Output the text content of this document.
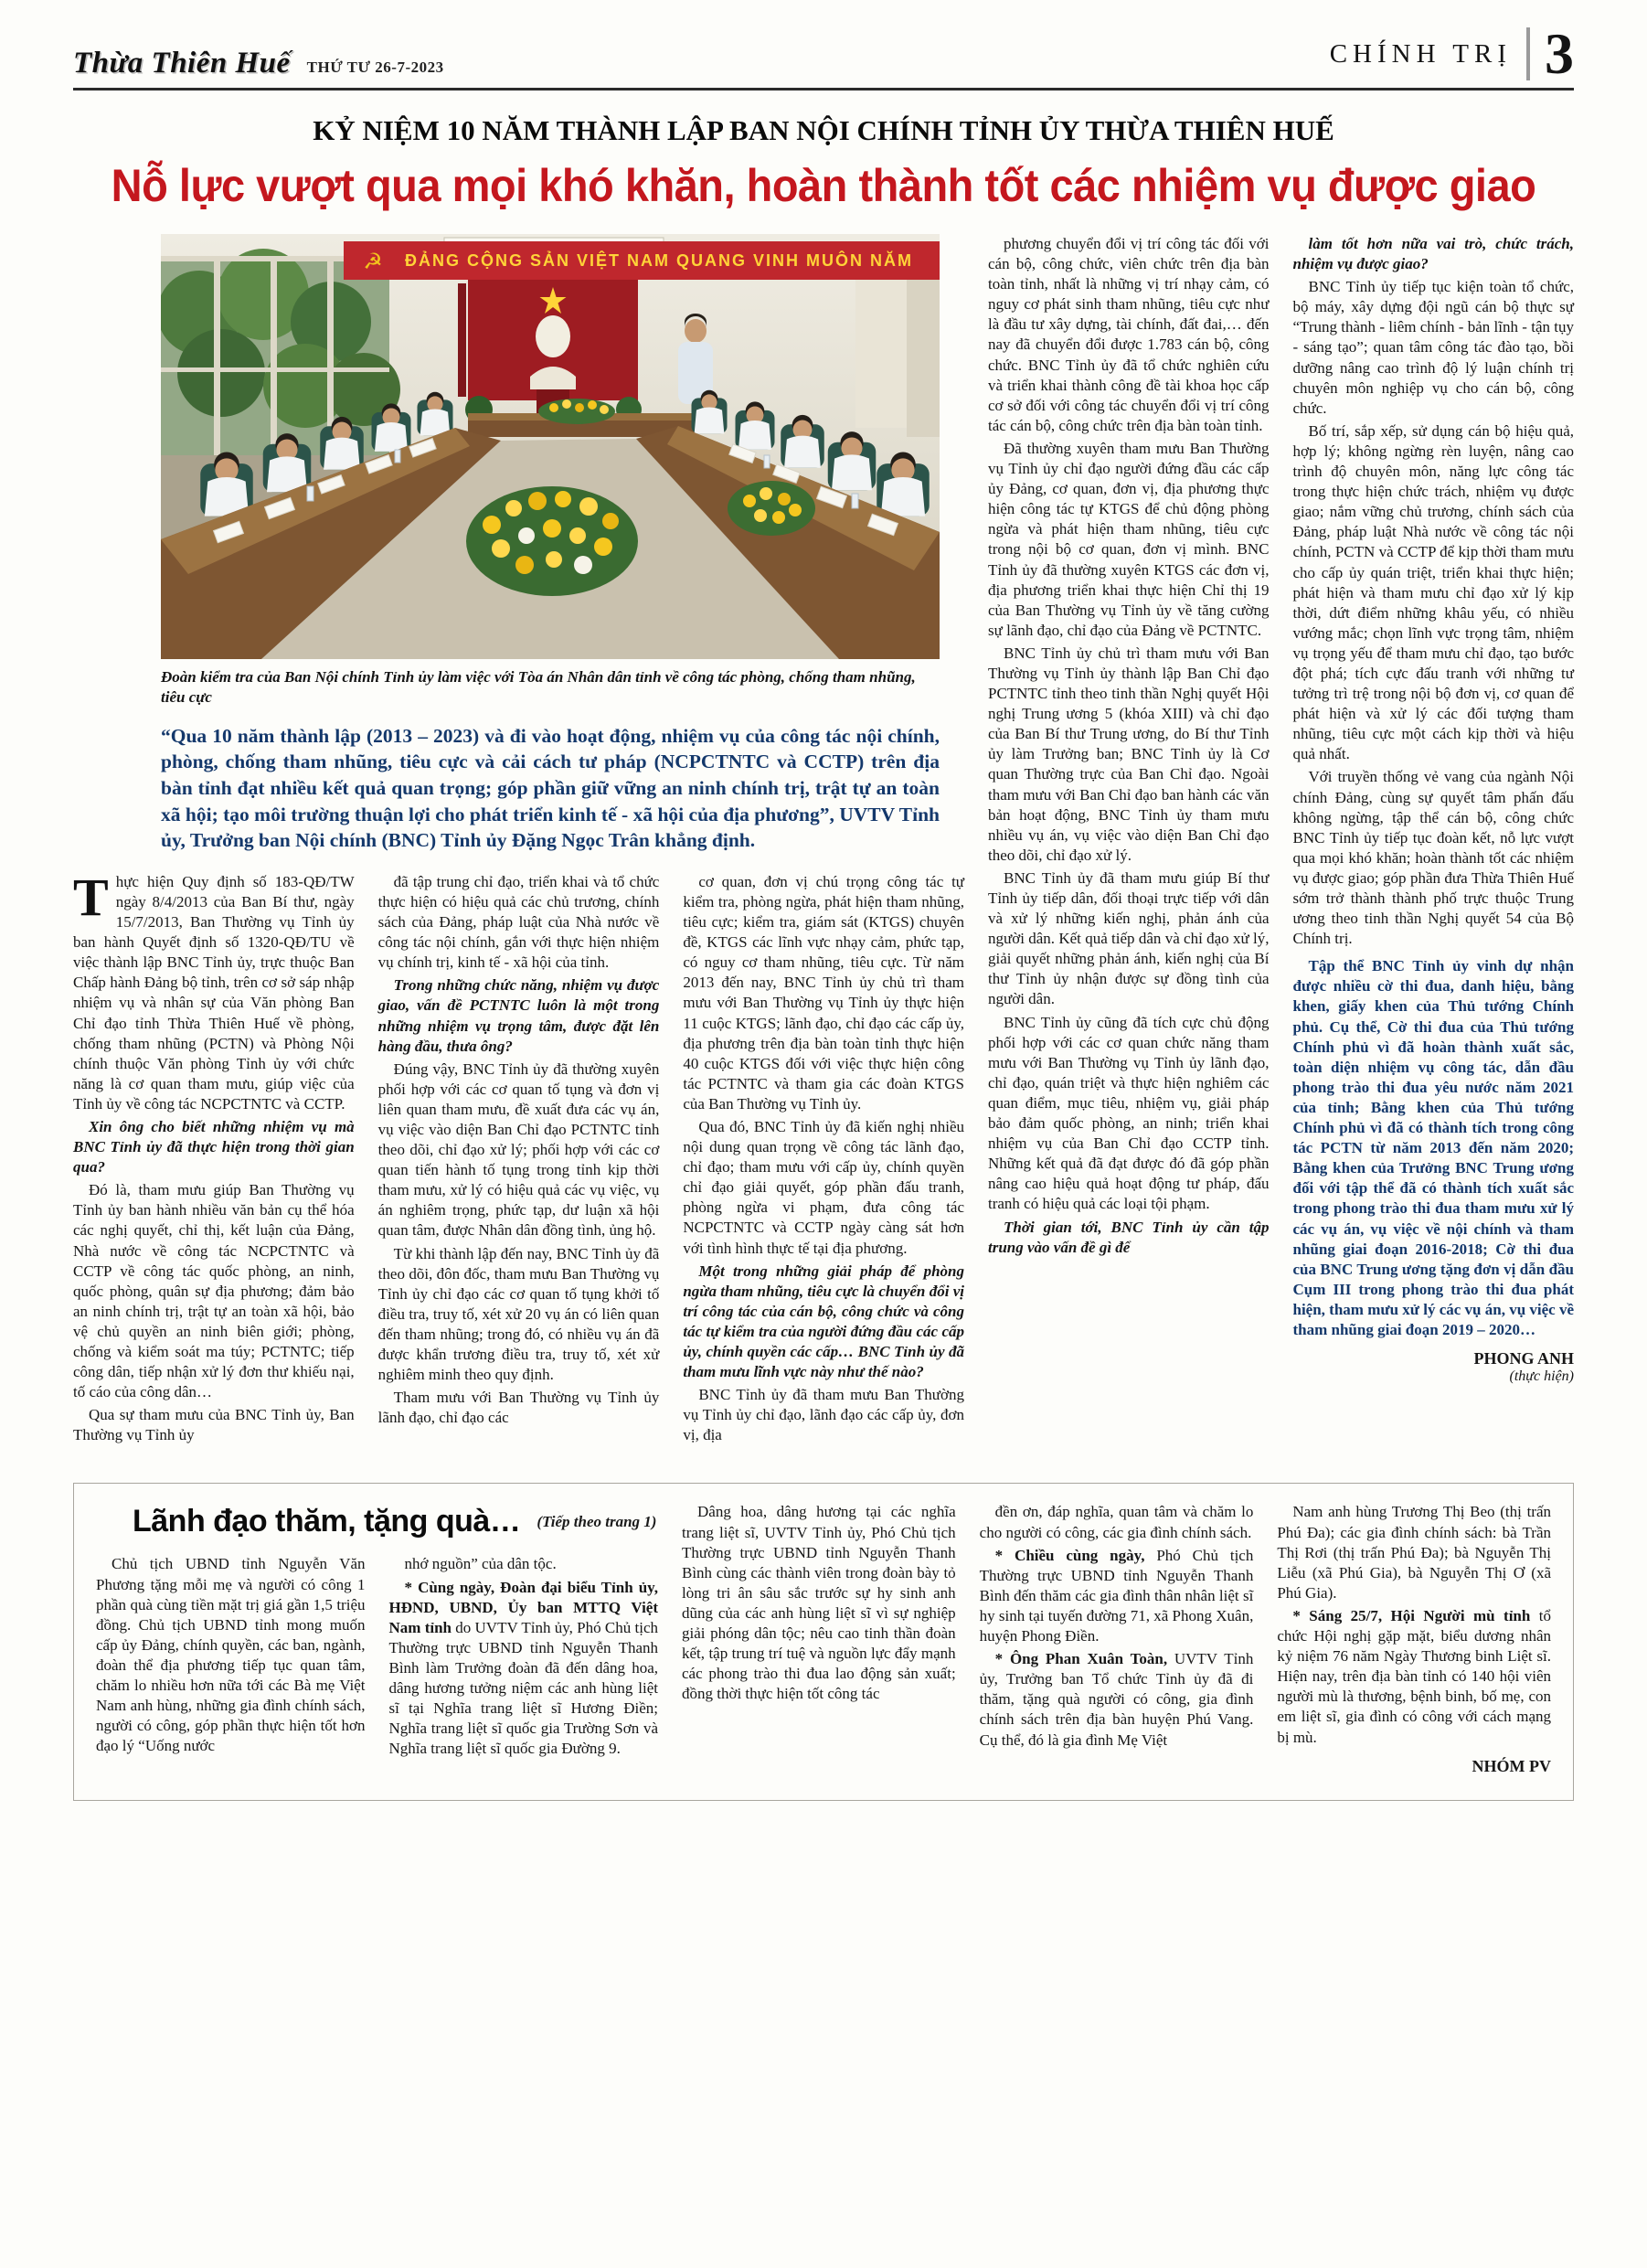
Thừa Thiên Huế THỨ TƯ 26-7-2023	CHÍNH TRỊ 3
KỶ NIỆM 10 NĂM THÀNH LẬP BAN NỘI CHÍNH TỈNH ỦY THỪA THIÊN HUẾ
Nỗ lực vượt qua mọi khó khăn, hoàn thành tốt các nhiệm vụ được giao
☭ ĐẢNG CỘNG SẢN VIỆT NAM QUANG VINH MUÔN NĂM

Đoàn kiểm tra của Ban Nội chính Tỉnh ủy làm việc với Tòa án Nhân dân tỉnh về công tác phòng, chống tham nhũng, tiêu cực

“Qua 10 năm thành lập (2013 – 2023) và đi vào hoạt động, nhiệm vụ của công tác nội chính, phòng, chống tham nhũng, tiêu cực và cải cách tư pháp (NCPCTNTC và CCTP) trên địa bàn tỉnh đạt nhiều kết quả quan trọng; góp phần giữ vững an ninh chính trị, trật tự an toàn xã hội; tạo môi trường thuận lợi cho phát triển kinh tế - xã hội của địa phương”, UVTV Tỉnh ủy, Trưởng ban Nội chính (BNC) Tỉnh ủy Đặng Ngọc Trân khẳng định.

Thực hiện Quy định số 183-QĐ/TW ngày 8/4/2013 của Ban Bí thư, ngày 15/7/2013, Ban Thường vụ Tỉnh ủy ban hành Quyết định số 1320-QĐ/TU về việc thành lập BNC Tỉnh ủy, trực thuộc Ban Chấp hành Đảng bộ tỉnh, trên cơ sở sáp nhập nhiệm vụ và nhân sự của Văn phòng Ban Chỉ đạo tỉnh Thừa Thiên Huế về phòng, chống tham nhũng (PCTN) và Phòng Nội chính thuộc Văn phòng Tỉnh ủy với chức năng là cơ quan tham mưu, giúp việc của Tỉnh ủy về công tác NCPCTNTC và CCTP.

Xin ông cho biết những nhiệm vụ mà BNC Tỉnh ủy đã thực hiện trong thời gian qua?

Đó là, tham mưu giúp Ban Thường vụ Tỉnh ủy ban hành nhiều văn bản cụ thể hóa các nghị quyết, chỉ thị, kết luận của Đảng, Nhà nước về công tác NCPCTNTC và CCTP về công tác quốc phòng, an ninh, quốc phòng, quân sự địa phương; đảm bảo an ninh chính trị, trật tự an toàn xã hội, bảo vệ chủ quyền an ninh biên giới; phòng, chống và kiểm soát ma túy; PCTNTC; tiếp công dân, tiếp nhận xử lý đơn thư khiếu nại, tố cáo của công dân…

Qua sự tham mưu của BNC Tỉnh ủy, Ban Thường vụ Tỉnh ủy

đã tập trung chỉ đạo, triển khai và tổ chức thực hiện có hiệu quả các chủ trương, chính sách của Đảng, pháp luật của Nhà nước về công tác nội chính, gắn với thực hiện nhiệm vụ chính trị, kinh tế - xã hội của tỉnh.

Trong những chức năng, nhiệm vụ được giao, vấn đề PCTNTC luôn là một trong những nhiệm vụ trọng tâm, được đặt lên hàng đầu, thưa ông?

Đúng vậy, BNC Tỉnh ủy đã thường xuyên phối hợp với các cơ quan tố tụng và đơn vị liên quan tham mưu, đề xuất đưa các vụ án, vụ việc vào diện Ban Chỉ đạo PCTNTC tỉnh theo dõi, chỉ đạo xử lý; phối hợp với các cơ quan tiến hành tố tụng trong tỉnh kịp thời tham mưu, xử lý có hiệu quả các vụ việc, vụ án nghiêm trọng, phức tạp, dư luận xã hội quan tâm, được Nhân dân đồng tình, ủng hộ.

Từ khi thành lập đến nay, BNC Tỉnh ủy đã theo dõi, đôn đốc, tham mưu Ban Thường vụ Tỉnh ủy chỉ đạo các cơ quan tố tụng khởi tố điều tra, truy tố, xét xử 20 vụ án có liên quan đến tham nhũng; trong đó, có nhiều vụ án đã được khẩn trương điều tra, truy tố, xét xử nghiêm minh theo quy định.

Tham mưu với Ban Thường vụ Tỉnh ủy lãnh đạo, chỉ đạo các

cơ quan, đơn vị chú trọng công tác tự kiểm tra, phòng ngừa, phát hiện tham nhũng, tiêu cực; kiểm tra, giám sát (KTGS) chuyên đề, KTGS các lĩnh vực nhạy cảm, phức tạp, có nguy cơ tham nhũng, tiêu cực. Từ năm 2013 đến nay, BNC Tỉnh ủy chủ trì tham mưu với Ban Thường vụ Tỉnh ủy thực hiện 11 cuộc KTGS; lãnh đạo, chỉ đạo các cấp ủy, địa phương trên địa bàn toàn tỉnh thực hiện 40 cuộc KTGS đối với việc thực hiện công tác PCTNTC và tham gia các đoàn KTGS của Ban Thường vụ Tỉnh ủy.

Qua đó, BNC Tỉnh ủy đã kiến nghị nhiều nội dung quan trọng về công tác lãnh đạo, chỉ đạo; tham mưu với cấp ủy, chính quyền chỉ đạo giải quyết, góp phần đấu tranh, phòng ngừa vi phạm, đưa công tác NCPCTNTC và CCTP ngày càng sát hơn với tình hình thực tế tại địa phương.

Một trong những giải pháp để phòng ngừa tham nhũng, tiêu cực là chuyển đổi vị trí công tác của cán bộ, công chức và công tác tự kiểm tra của người đứng đầu các cấp ủy, chính quyền các cấp… BNC Tỉnh ủy đã tham mưu lĩnh vực này như thế nào?

BNC Tỉnh ủy đã tham mưu Ban Thường vụ Tỉnh ủy chỉ đạo, lãnh đạo các cấp ủy, đơn vị, địa

phương chuyển đổi vị trí công tác đối với cán bộ, công chức, viên chức trên địa bàn toàn tỉnh, nhất là những vị trí nhạy cảm, có nguy cơ phát sinh tham nhũng, tiêu cực như là đầu tư xây dựng, tài chính, đất đai,… đến nay đã chuyển đổi được 1.783 cán bộ, công chức. BNC Tỉnh ủy đã tổ chức nghiên cứu và triển khai thành công đề tài khoa học cấp cơ sở đối với công tác chuyển đổi vị trí công tác cán bộ, công chức trên địa bàn toàn tỉnh.

Đã thường xuyên tham mưu Ban Thường vụ Tỉnh ủy chỉ đạo người đứng đầu các cấp ủy Đảng, cơ quan, đơn vị, địa phương thực hiện công tác tự KTGS để chủ động phòng ngừa và phát hiện tham nhũng, tiêu cực trong nội bộ cơ quan, đơn vị mình. BNC Tỉnh ủy đã thường xuyên KTGS các đơn vị, địa phương triển khai thực hiện Chỉ thị 19 của Ban Thường vụ Tỉnh ủy về tăng cường sự lãnh đạo, chỉ đạo của Đảng về PCTNTC.

BNC Tỉnh ủy chủ trì tham mưu với Ban Thường vụ Tỉnh ủy thành lập Ban Chỉ đạo PCTNTC tỉnh theo tinh thần Nghị quyết Hội nghị Trung ương 5 (khóa XIII) và chỉ đạo của Ban Bí thư Trung ương, do Bí thư Tỉnh ủy làm Trưởng ban; BNC Tỉnh ủy là Cơ quan Thường trực của Ban Chỉ đạo. Ngoài tham mưu với Ban Chỉ đạo ban hành các văn bản hoạt động, BNC Tỉnh ủy tham mưu nhiều vụ án, vụ việc vào diện Ban Chỉ đạo theo dõi, chỉ đạo xử lý.

BNC Tỉnh ủy đã tham mưu giúp Bí thư Tỉnh ủy tiếp dân, đối thoại trực tiếp với dân và xử lý những kiến nghị, phản ánh của người dân. Kết quả tiếp dân và chỉ đạo xử lý, giải quyết những phản ánh, kiến nghị của Bí thư Tỉnh ủy nhận được sự đồng tình của người dân.

BNC Tỉnh ủy cũng đã tích cực chủ động phối hợp với các cơ quan chức năng tham mưu với Ban Thường vụ Tỉnh ủy lãnh đạo, chỉ đạo, quán triệt và thực hiện nghiêm các quan điểm, mục tiêu, nhiệm vụ, giải pháp bảo đảm quốc phòng, an ninh; triển khai nhiệm vụ của Ban Chỉ đạo CCTP tỉnh. Những kết quả đã đạt được đó đã góp phần nâng cao hiệu quả hoạt động tư pháp, đấu tranh có hiệu quả các loại tội phạm.

Thời gian tới, BNC Tỉnh ủy cần tập trung vào vấn đề gì để

làm tốt hơn nữa vai trò, chức trách, nhiệm vụ được giao?

BNC Tỉnh ủy tiếp tục kiện toàn tổ chức, bộ máy, xây dựng đội ngũ cán bộ thực sự “Trung thành - liêm chính - bản lĩnh - tận tụy - sáng tạo”; quan tâm công tác đào tạo, bồi dưỡng nâng cao trình độ lý luận chính trị chuyên môn nghiệp vụ cho cán bộ, công chức.

Bố trí, sắp xếp, sử dụng cán bộ hiệu quả, hợp lý; không ngừng rèn luyện, nâng cao trình độ chuyên môn, năng lực công tác trong thực hiện chức trách, nhiệm vụ được giao; nắm vững chủ trương, chính sách của Đảng, pháp luật Nhà nước về công tác nội chính, PCTN và CCTP để kịp thời tham mưu cho cấp ủy quán triệt, triển khai thực hiện; phát hiện và tham mưu chỉ đạo xử lý kịp thời, dứt điểm những khâu yếu, có nhiều vướng mắc; chọn lĩnh vực trọng tâm, nhiệm vụ trọng yếu để tham mưu chỉ đạo, tạo bước đột phá; tích cực đấu tranh với những tư tưởng trì trệ trong nội bộ đơn vị, cơ quan để phát hiện và xử lý các đối tượng tham nhũng, tiêu cực một cách kịp thời và hiệu quả nhất.

Với truyền thống vẻ vang của ngành Nội chính Đảng, cùng sự quyết tâm phấn đấu không ngừng, tập thể cán bộ, công chức BNC Tỉnh ủy tiếp tục đoàn kết, nỗ lực vượt qua mọi khó khăn; hoàn thành tốt các nhiệm vụ được giao; góp phần đưa Thừa Thiên Huế sớm trở thành thành phố trực thuộc Trung ương theo tinh thần Nghị quyết 54 của Bộ Chính trị.

Tập thể BNC Tỉnh ủy vinh dự nhận được nhiều cờ thi đua, danh hiệu, bằng khen, giấy khen của Thủ tướng Chính phủ. Cụ thể, Cờ thi đua của Thủ tướng Chính phủ vì đã hoàn thành xuất sắc, toàn diện nhiệm vụ công tác, dẫn đầu phong trào thi đua yêu nước năm 2021 của tỉnh; Bằng khen của Thủ tướng Chính phủ vì đã có thành tích trong công tác PCTN từ năm 2013 đến năm 2020; Bằng khen của Trưởng BNC Trung ương đối với tập thể đã có thành tích xuất sắc trong phong trào thi đua tham mưu xử lý các vụ án, vụ việc về nội chính và tham nhũng giai đoạn 2016-2018; Cờ thi đua của BNC Trung ương tặng đơn vị dẫn đầu Cụm III trong phong trào thi đua phát hiện, tham mưu xử lý các vụ án, vụ việc về tham nhũng giai đoạn 2019 – 2020…

PHONG ANH
(thực hiện)
Lãnh đạo thăm, tặng quà… (Tiếp theo trang 1)

Chủ tịch UBND tỉnh Nguyễn Văn Phương tặng mỗi mẹ và người có công 1 phần quà cùng tiền mặt trị giá gần 1,5 triệu đồng. Chủ tịch UBND tỉnh mong muốn cấp ủy Đảng, chính quyền, các ban, ngành, đoàn thể địa phương tiếp tục quan tâm, chăm lo nhiều hơn nữa tới các Bà mẹ Việt Nam anh hùng, những gia đình chính sách, người có công, góp phần thực hiện tốt hơn đạo lý “Uống nước

nhớ nguồn” của dân tộc.

* Cùng ngày, Đoàn đại biểu Tỉnh ủy, HĐND, UBND, Ủy ban MTTQ Việt Nam tỉnh do UVTV Tỉnh ủy, Phó Chủ tịch Thường trực UBND tỉnh Nguyễn Thanh Bình làm Trưởng đoàn đã đến dâng hoa, dâng hương tưởng niệm các anh hùng liệt sĩ tại Nghĩa trang liệt sĩ Hương Điền; Nghĩa trang liệt sĩ quốc gia Trường Sơn và Nghĩa trang liệt sĩ quốc gia Đường 9.

Dâng hoa, dâng hương tại các nghĩa trang liệt sĩ, UVTV Tỉnh ủy, Phó Chủ tịch Thường trực UBND tỉnh Nguyễn Thanh Bình cùng các thành viên trong đoàn bày tỏ lòng tri ân sâu sắc trước sự hy sinh anh dũng của các anh hùng liệt sĩ vì sự nghiệp giải phóng dân tộc; nêu cao tinh thần đoàn kết, tập trung trí tuệ và nguồn lực đẩy mạnh các phong trào thi đua lao động sản xuất; đồng thời thực hiện tốt công tác

đền ơn, đáp nghĩa, quan tâm và chăm lo cho người có công, các gia đình chính sách.

* Chiều cùng ngày, Phó Chủ tịch Thường trực UBND tỉnh Nguyễn Thanh Bình đến thăm các gia đình thân nhân liệt sĩ hy sinh tại tuyến đường 71, xã Phong Xuân, huyện Phong Điền.

* Ông Phan Xuân Toàn, UVTV Tỉnh ủy, Trưởng ban Tổ chức Tỉnh ủy đã đi thăm, tặng quà người có công, gia đình chính sách trên địa bàn huyện Phú Vang. Cụ thể, đó là gia đình Mẹ Việt

Nam anh hùng Trương Thị Beo (thị trấn Phú Đa); các gia đình chính sách: bà Trần Thị Rơi (thị trấn Phú Đa); bà Nguyễn Thị Liễu (xã Phú Gia), bà Nguyễn Thị Ơ (xã Phú Gia).

* Sáng 25/7, Hội Người mù tỉnh tổ chức Hội nghị gặp mặt, biểu dương nhân kỷ niệm 76 năm Ngày Thương binh Liệt sĩ. Hiện nay, trên địa bàn tỉnh có 140 hội viên người mù là thương, bệnh binh, bố mẹ, con em liệt sĩ, gia đình có công với cách mạng bị mù.

NHÓM PV
